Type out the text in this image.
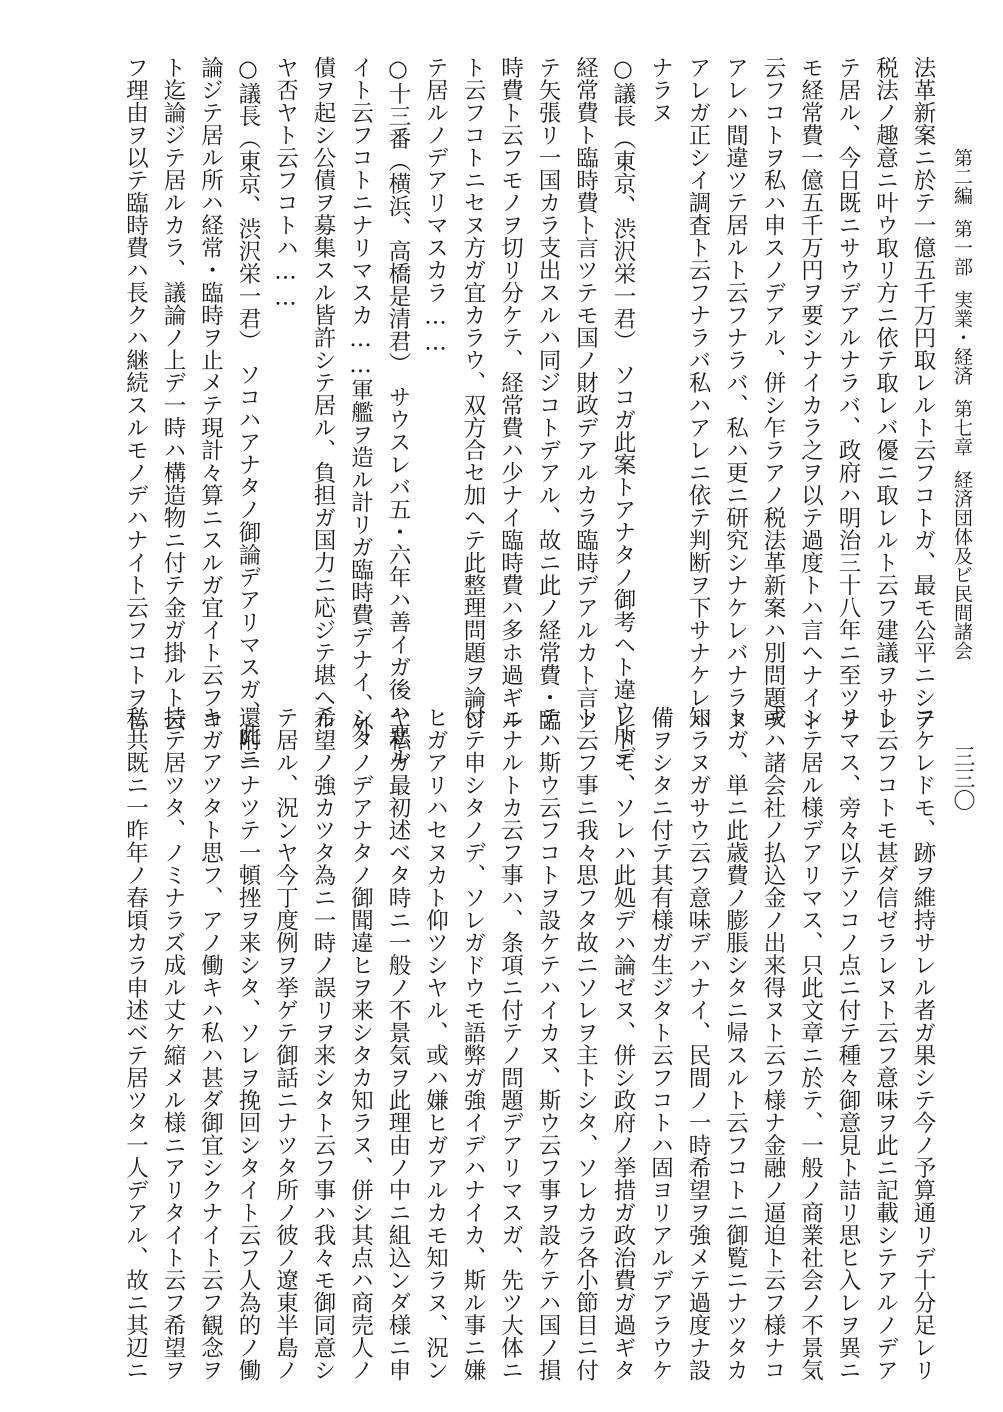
第二編第一部実業・経済第七章経済団体及ビ民間諸会
三三〇
法革新案ニ於テ一億五千万円取レルト云フコトガ、最モ公平ニシテ
税法ノ趣意ニ叶ウ取リ方ニ依テ取レバ優ニ取レルト云フ建議ヲサレ
テ居ル、今日既ニサウデアルナラバ、政府ハ明治三十八年ニ至ツテ
モ経常費一億五千万円ヲ要シナイカラ之ヲ以テ過度トハ言ヘナイト
云フコトヲ私ハ申スノデアル、併シ乍ラアノ税法革新案ハ別問題デ
アレハ間違ツテ居ルト云フナラバ、私ハ更ニ研究シナケレバナラヌ
アレガ正シイ調査ト云フナラバ私ハアレニ依テ判断ヲ下サナケレバ
ナラヌ
○議長（東京、渋沢栄一君）　ソコガ此案トアナタノ御考ヘト違ウ所デ
経常費ト臨時費ト言ツテモ国ノ財政デアルカラ臨時デアルカト言ツ
テ矢張リ一国カラ支出スルハ同ジコトデアル、故ニ此ノ経常費・臨
時費ト云フモノヲ切リ分ケテ、経常費ハ少ナイ臨時費ハ多ホ過ギル
ト云フコトニセヌ方ガ宜カラウ、双方合セ加ヘテ此整理問題ヲ論ジ
テ居ルノデアリマスカラ……
○十三番（横浜、高橋是清君）　サウスレバ五・六年ハ善イガ後ハ悪ル
イト云フコトニナリマスカ……軍艦ヲ造ル計リガ臨時費デナイ、外
債ヲ起シ公債ヲ募集スル皆許シテ居ル、負担ガ国力ニ応ジテ堪ヘル
ヤ否ヤト云フコトハ……
○議長（東京、渋沢栄一君）　ソコハアナタノ御論デアリマスガ、此ニ
論ジテ居ル所ハ経常・臨時ヲ止メテ現計々算ニスルガ宜イト云フコ
ト迄論ジテ居ルカラ、議論ノ上デ一時ハ構造物ニ付テ金ガ掛ルト云
フ理由ヲ以テ臨時費ハ長クハ継続スルモノデハナイト云フコトヲ言
フケレドモ、跡ヲ維持サレル者ガ果シテ今ノ予算通リデ十分足レリ
ト云フコトモ甚ダ信ゼラレヌト云フ意味ヲ此ニ記載シテアルノデア
リマス、旁々以テソコノ点ニ付テ種々御意見ト詰リ思ヒ入レヲ異ニ
シテ居ル様デアリマス、只此文章ニ於テ、一般ノ商業社会ノ不景気
或ハ諸会社ノ払込金ノ出来得ヌト云フ様ナ金融ノ逼迫ト云フ様ナコ
トガ、単ニ此歳費ノ膨脹シタニ帰スルト云フコトニ御覧ニナツタカ
知ラヌガサウ云フ意味デハナイ、民間ノ一時希望ヲ強メテ過度ナ設
備ヲシタニ付テ其有様ガ生ジタト云フコトハ固ヨリアルデアラウケ
レドモ、ソレハ此処デハ論ゼヌ、併シ政府ノ挙措ガ政治費ガ過ギタ
ト云フ事ニ我々思フタ故ニソレヲ主トシタ、ソレカラ各小節目ニ付
テハ斯ウ云フコトヲ設ケテハイカヌ、斯ウ云フ事ヲ設ケテハ国ノ損
ニナルトカ云フ事ハ、条項ニ付テノ問題デアリマスガ、先ツ大体ニ
付テ申シタノデ、ソレガドウモ語弊ガ強イデハナイカ、斯ル事ニ嫌
ヒガアリハセヌカト仰ツシヤル、或ハ嫌ヒガアルカモ知ラヌ、況ン
ヤ私ガ最初述ベタ時ニ一般ノ不景気ヲ此理由ノ中ニ組込ンダ様ニ申
シタノデアナタノ御聞違ヒヲ来シタカ知ラヌ、併シ其点ハ商売人ノ
希望ノ強カツタ為ニ一時ノ誤リヲ来シタト云フ事ハ我々モ御同意シ
テ居ル、況ンヤ今丁度例ヲ挙ゲテ御話ニナツタ所ノ彼ノ遼東半島ノ
還附ニナツテ一頓挫ヲ来シタ、ソレヲ挽回シタイト云フ人為的ノ働
キガアツタト思フ、アノ働キハ私ハ甚ダ御宜シクナイト云フ観念ヲ
持テ居ツタ、ノミナラズ成ル丈ケ縮メル様ニアリタイト云フ希望ヲ
私共既ニ一昨年ノ春頃カラ申述ベテ居ツタ一人デアル、故ニ其辺ニ
